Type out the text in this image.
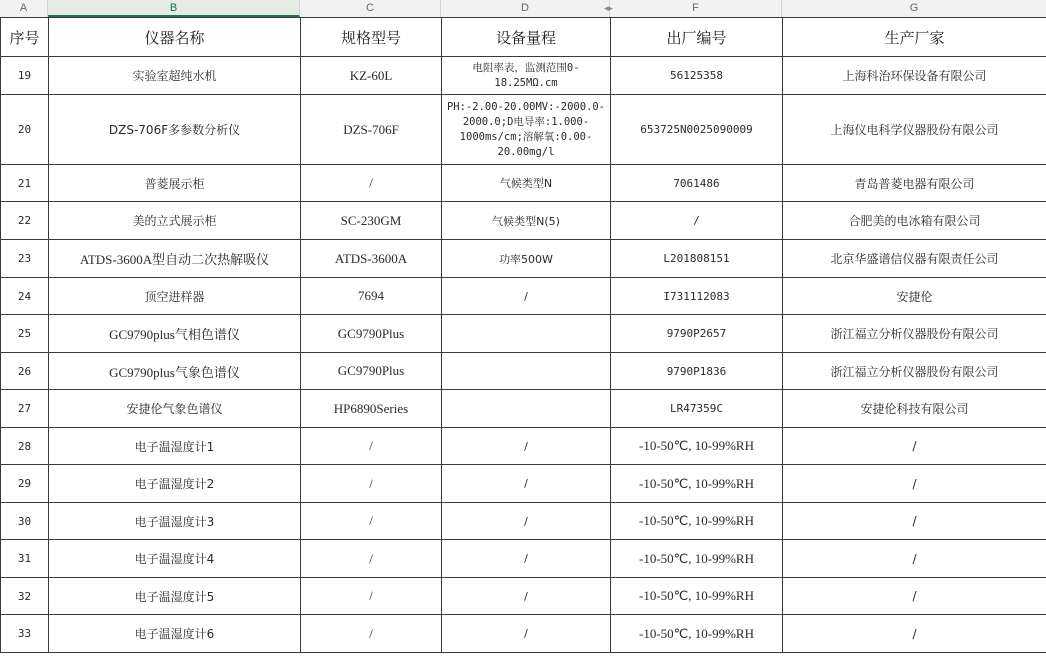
A	B	C	D	F	G
◂▸
序号	仪器名称	规格型号	设备量程	出厂编号	生产厂家
19	实验室超纯水机	KZ-60L	电阻率表，监测范围0-18.25MΩ.cm	56125358	上海科治环保设备有限公司
20	DZS-706F多参数分析仪	DZS-706F	PH:-2.00-20.00MV:-2000.0-2000.0;D电导率:1.000-1000ms/cm;溶解氧:0.00-20.00mg/l	653725N0025090009	上海仪电科学仪器股份有限公司
21	普菱展示柜	/	气候类型N	7061486	青岛普菱电器有限公司
22	美的立式展示柜	SC-230GM	气候类型N(5)	/	合肥美的电冰箱有限公司
23	ATDS-3600A型自动二次热解吸仪	ATDS-3600A	功率500W	L201808151	北京华盛谱信仪器有限责任公司
24	顶空进样器	7694	/	I731112083	安捷伦
25	GC9790plus气相色谱仪	GC9790Plus		9790P2657	浙江福立分析仪器股份有限公司
26	GC9790plus气象色谱仪	GC9790Plus		9790P1836	浙江福立分析仪器股份有限公司
27	安捷伦气象色谱仪	HP6890Series		LR47359C	安捷伦科技有限公司
28	电子温湿度计1	/	/	-10-50℃, 10-99%RH	/
29	电子温湿度计2	/	/	-10-50℃, 10-99%RH	/
30	电子温湿度计3	/	/	-10-50℃, 10-99%RH	/
31	电子温湿度计4	/	/	-10-50℃, 10-99%RH	/
32	电子温湿度计5	/	/	-10-50℃, 10-99%RH	/
33	电子温湿度计6	/	/	-10-50℃, 10-99%RH	/
